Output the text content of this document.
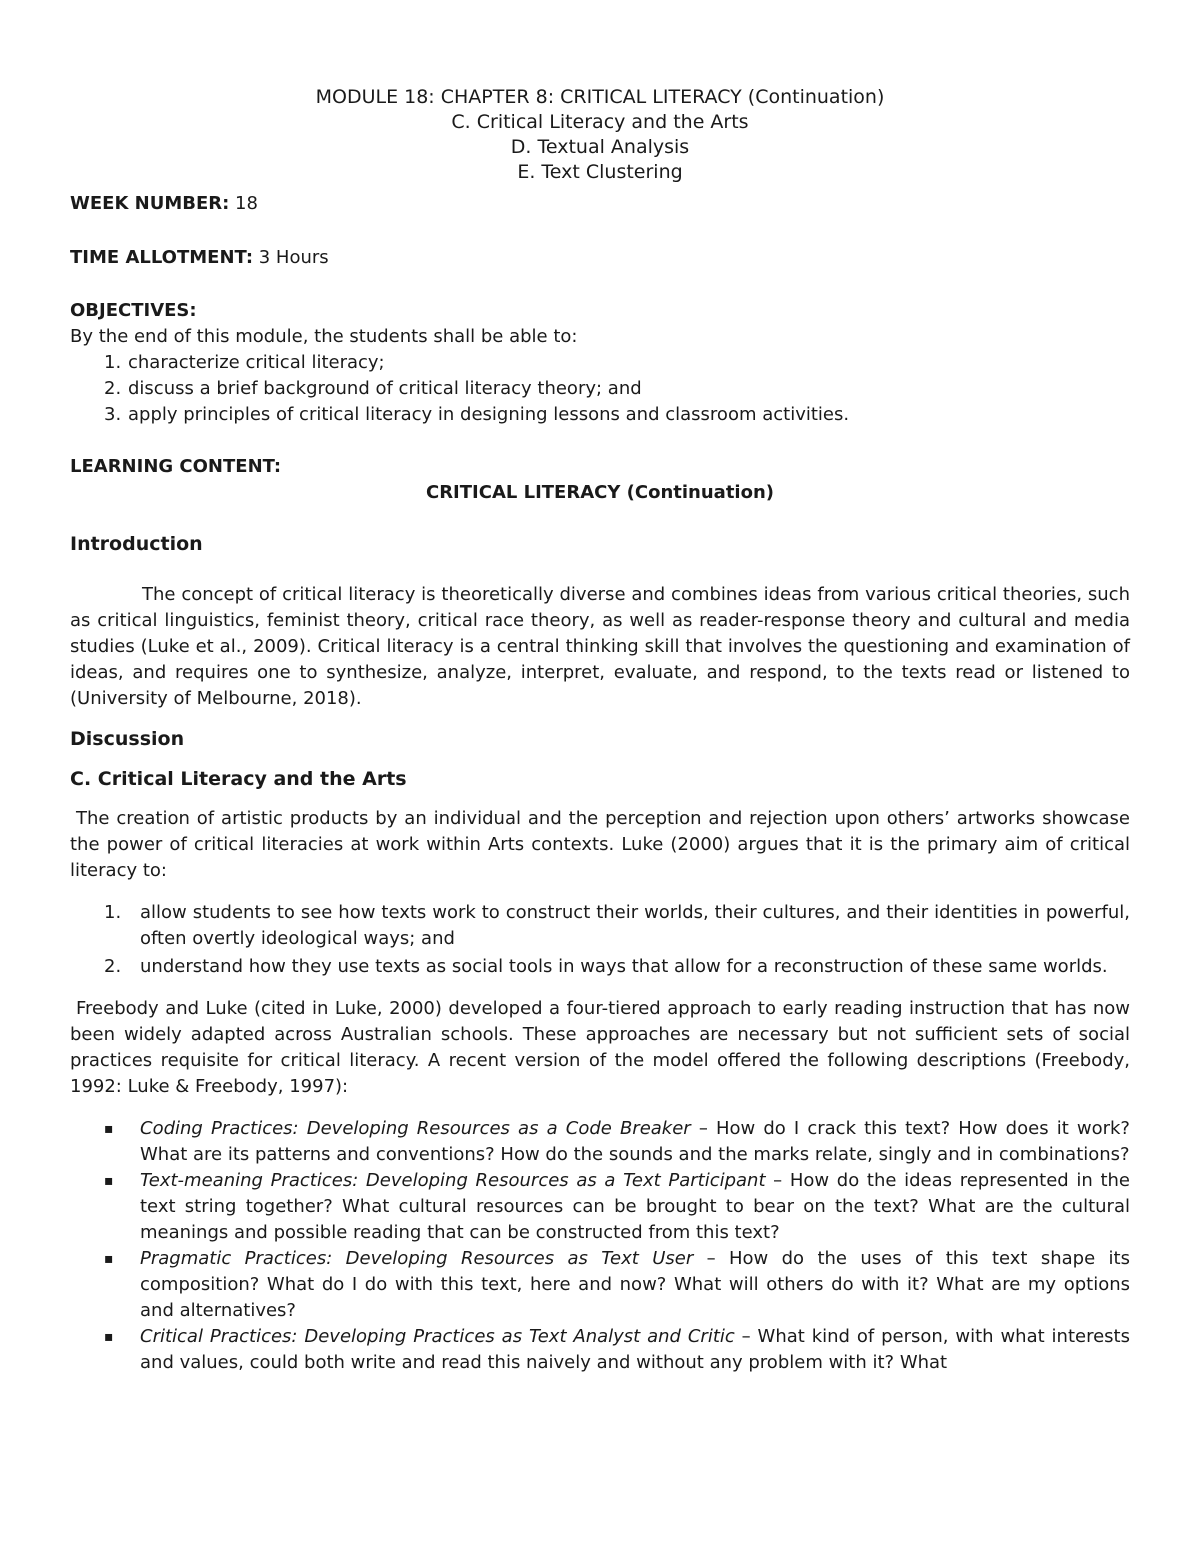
MODULE 18: CHAPTER 8: CRITICAL LITERACY (Continuation)
C. Critical Literacy and the Arts
D. Textual Analysis
E. Text Clustering
WEEK NUMBER: 18
TIME ALLOTMENT: 3 Hours
OBJECTIVES:
By the end of this module, the students shall be able to:
1. characterize critical literacy;
2. discuss a brief background of critical literacy theory; and
3. apply principles of critical literacy in designing lessons and classroom activities.
LEARNING CONTENT:
CRITICAL LITERACY (Continuation)
Introduction

The concept of critical literacy is theoretically diverse and combines ideas from various critical theories, such as critical linguistics, feminist theory, critical race theory, as well as reader-response theory and cultural and media studies (Luke et al., 2009). Critical literacy is a central thinking skill that involves the questioning and examination of ideas, and requires one to synthesize, analyze, interpret, evaluate, and respond, to the texts read or listened to (University of Melbourne, 2018).

Discussion
C. Critical Literacy and the Arts

The creation of artistic products by an individual and the perception and rejection upon others’ artworks showcase the power of critical literacies at work within Arts contexts. Luke (2000) argues that it is the primary aim of critical literacy to:

1. allow students to see how texts work to construct their worlds, their cultures, and their identities in powerful, often overtly ideological ways; and
2. understand how they use texts as social tools in ways that allow for a reconstruction of these same worlds.

Freebody and Luke (cited in Luke, 2000) developed a four-tiered approach to early reading instruction that has now been widely adapted across Australian schools. These approaches are necessary but not sufficient sets of social practices requisite for critical literacy. A recent version of the model offered the following descriptions (Freebody, 1992: Luke & Freebody, 1997):

▪ Coding Practices: Developing Resources as a Code Breaker – How do I crack this text? How does it work? What are its patterns and conventions? How do the sounds and the marks relate, singly and in combinations?
▪ Text-meaning Practices: Developing Resources as a Text Participant – How do the ideas represented in the text string together? What cultural resources can be brought to bear on the text? What are the cultural meanings and possible reading that can be constructed from this text?
▪ Pragmatic Practices: Developing Resources as Text User – How do the uses of this text shape its composition? What do I do with this text, here and now? What will others do with it? What are my options and alternatives?
▪ Critical Practices: Developing Practices as Text Analyst and Critic – What kind of person, with what interests and values, could both write and read this naively and without any problem with it? What
